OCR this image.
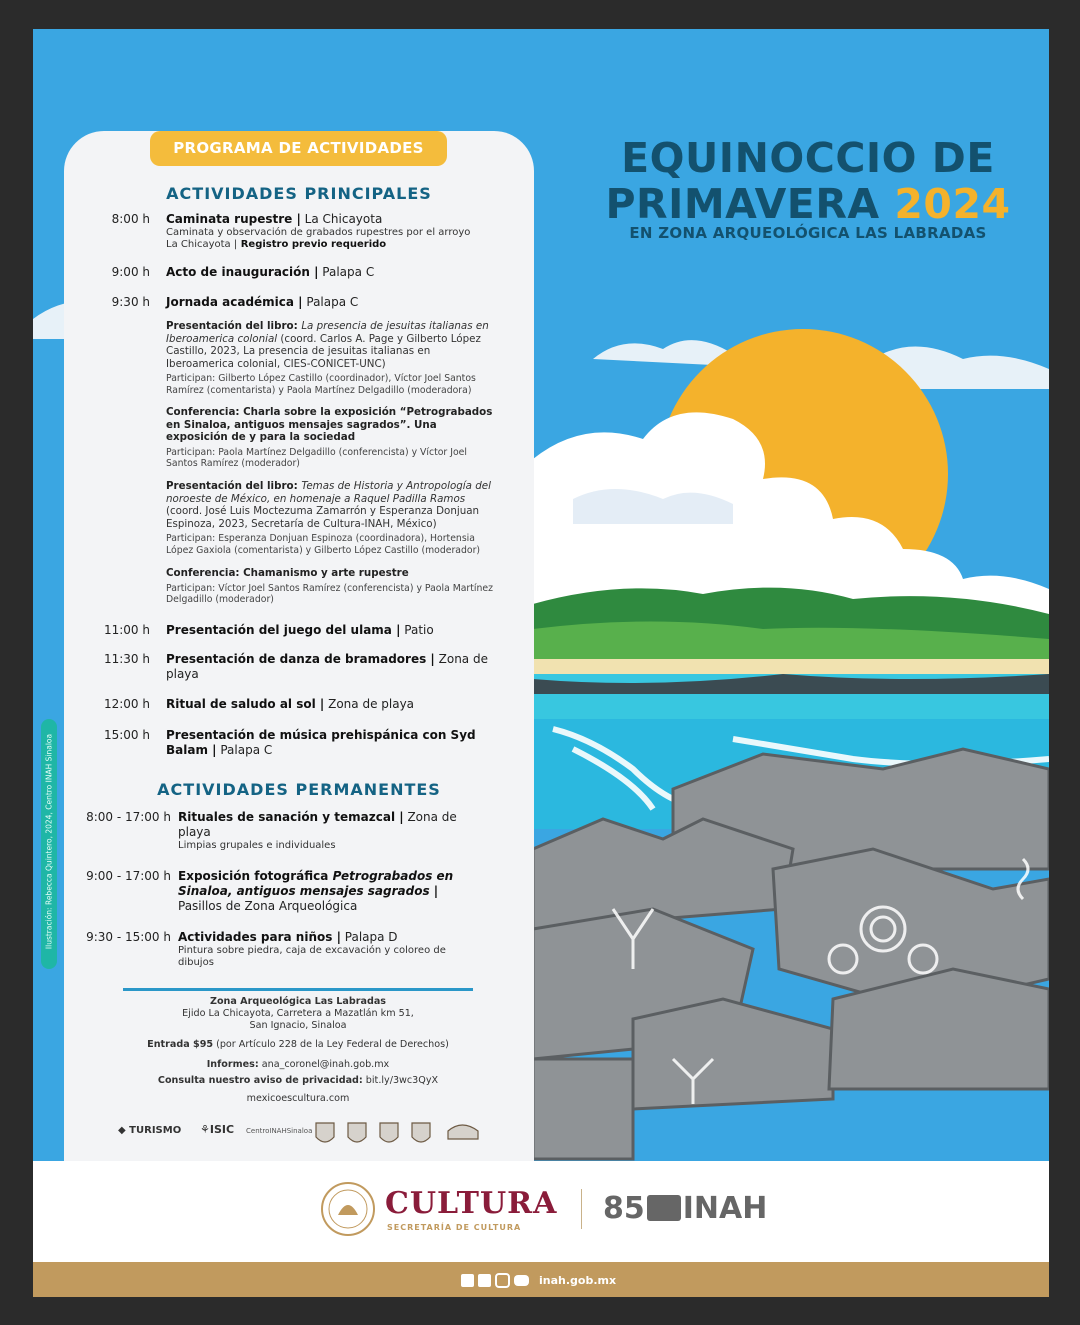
Ilustración: Rebecca Quintero, 2024, Centro INAH Sinaloa
PROGRAMA DE ACTIVIDADES	EQUINOCCIO DE
PRIMAVERA 2024
EN ZONA ARQUEOLÓGICA LAS LABRADAS
ACTIVIDADES PRINCIPALES
8:00 h Caminata rupestre | La Chicayota
Caminata y observación de grabados rupestres por el arroyo
La Chicayota | Registro previo requerido
9:00 h Acto de inauguración | Palapa C
9:30 h Jornada académica | Palapa C
Presentación del libro: La presencia de jesuitas italianas en Iberoamerica colonial (coord. Carlos A. Page y Gilberto López Castillo, 2023, La presencia de jesuitas italianas en Iberoamerica colonial, CIES-CONICET-UNC)
Participan: Gilberto López Castillo (coordinador), Víctor Joel Santos Ramírez (comentarista) y Paola Martínez Delgadillo (moderadora)
Conferencia: Charla sobre la exposición “Petrograbados en Sinaloa, antiguos mensajes sagrados”. Una exposición de y para la sociedad
Participan: Paola Martínez Delgadillo (conferencista) y Víctor Joel Santos Ramírez (moderador)
Presentación del libro: Temas de Historia y Antropología del noroeste de México, en homenaje a Raquel Padilla Ramos (coord. José Luis Moctezuma Zamarrón y Esperanza Donjuan Espinoza, 2023, Secretaría de Cultura-INAH, México)
Participan: Esperanza Donjuan Espinoza (coordinadora), Hortensia López Gaxiola (comentarista) y Gilberto López Castillo (moderador)
Conferencia: Chamanismo y arte rupestre
Participan: Víctor Joel Santos Ramírez (conferencista) y Paola Martínez Delgadillo (moderador)
11:00 h Presentación del juego del ulama | Patio
11:30 h Presentación de danza de bramadores | Zona de playa
12:00 h Ritual de saludo al sol | Zona de playa
15:00 h Presentación de música prehispánica con Syd Balam | Palapa C
ACTIVIDADES PERMANENTES
8:00 - 17:00 h Rituales de sanación y temazcal | Zona de playa
Limpias grupales e individuales
9:00 - 17:00 h Exposición fotográfica Petrograbados en Sinaloa, antiguos mensajes sagrados | Pasillos de Zona Arqueológica
9:30 - 15:00 h Actividades para niños | Palapa D
Pintura sobre piedra, caja de excavación y coloreo de dibujos
Zona Arqueológica Las Labradas
Ejido La Chicayota, Carretera a Mazatlán km 51,
San Ignacio, Sinaloa
Entrada $95 (por Artículo 228 de la Ley Federal de Derechos)
Informes: ana_coronel@inah.gob.mx
Consulta nuestro aviso de privacidad: bit.ly/3wc3QyX
mexicoescultura.com
◆ TURISMO ⚘ISIC CentroINAHSinaloa
CULTURA
SECRETARÍA DE CULTURA
85 INAH
inah.gob.mx
